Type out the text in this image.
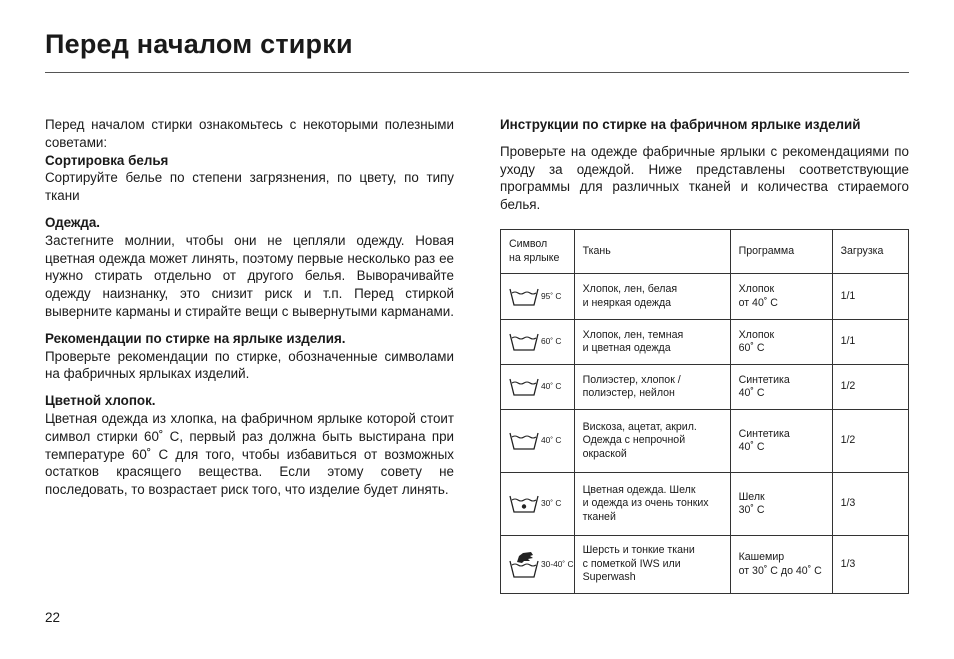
Перед началом стирки

Перед началом стирки ознакомьтесь с некоторыми полезными советами:

Сортировка белья

Сортируйте белье по степени загрязнения, по цвету, по типу ткани

Одежда.

Застегните молнии, чтобы они не цепляли одежду. Новая цветная одежда может линять, поэтому первые несколько раз ее нужно стирать отдельно от другого белья. Выворачивайте одежду наизнанку, это снизит риск и т.п. Перед стиркой выверните карманы и стирайте вещи с вывернутыми карманами.

Рекомендации по стирке на ярлыке изделия.

Проверьте рекомендации по стирке, обозначенные символами на фабричных ярлыках изделий.

Цветной хлопок.

Цветная одежда из хлопка, на фабричном ярлыке которой стоит символ стирки 60˚ С, первый раз должна быть выстирана при температуре 60˚ С для того, чтобы избавиться от возможных остатков красящего вещества. Если этому совету не последовать, то возрастает риск того, что изделие будет линять.

Инструкции по стирке на фабричном ярлыке изделий

Проверьте на одежде фабричные ярлыки с рекомендациями по уходу за одеждой. Ниже представлены соответствующие программы для различных тканей и количества стираемого белья.

Символ
на ярлыке	Ткань	Программа	Загрузка

95˚ C	Хлопок, лен, белая
и неяркая одежда	Хлопок
от 40˚ С	1/1

60˚ C	Хлопок, лен, темная
и цветная одежда	Хлопок
60˚ С	1/1

40˚ C	Полиэстер, хлопок /
полиэстер, нейлон	Синтетика
40˚ С	1/2

40˚ C	Вискоза, ацетат, акрил.
Одежда с непрочной
окраской	Синтетика
40˚ С	1/2

30˚ C	Цветная одежда. Шелк
и одежда из очень тонких
тканей	Шелк
30˚ С	1/3

30-40˚ C	Шерсть и тонкие ткани
с пометкой IWS или
Superwash	Кашемир
от 30˚ С до 40˚ С	1/3
22
